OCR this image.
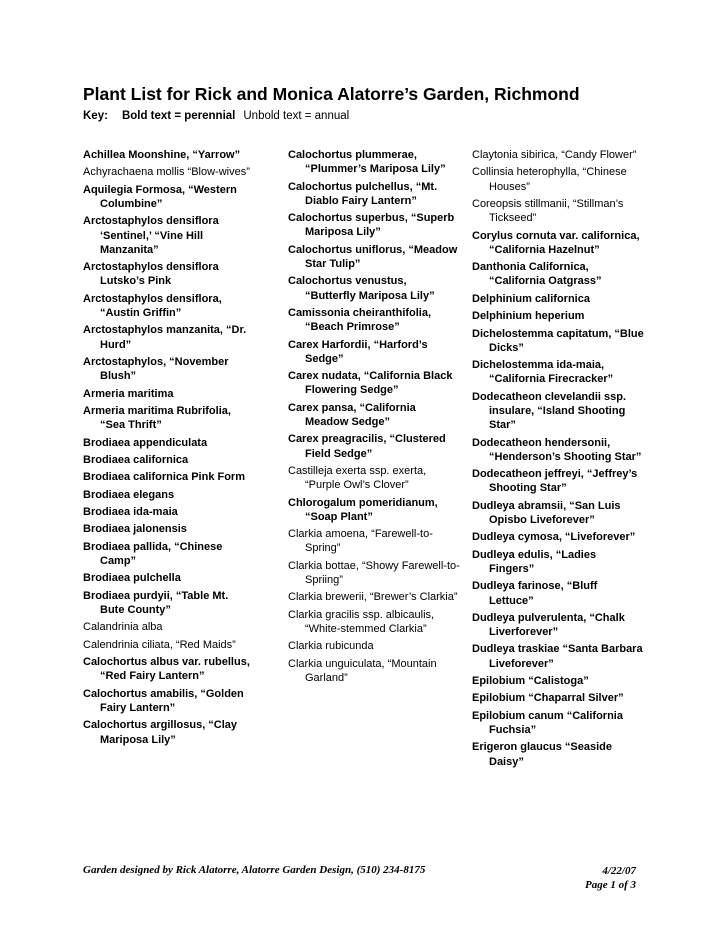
Plant List for Rick and Monica Alatorre’s Garden, Richmond
Key: Bold text = perennial Unbold text = annual
Achillea Moonshine, “Yarrow”
Achyrachaena mollis “Blow-wives”
Aquilegia Formosa, “Western Columbine”
Arctostaphylos densiflora ‘Sentinel,’ “Vine Hill Manzanita”
Arctostaphylos densiflora Lutsko’s Pink
Arctostaphylos densiflora, “Austin Griffin”
Arctostaphylos manzanita, “Dr. Hurd”
Arctostaphylos, “November Blush”
Armeria maritima
Armeria maritima Rubrifolia, “Sea Thrift”
Brodiaea appendiculata
Brodiaea californica
Brodiaea californica Pink Form
Brodiaea elegans
Brodiaea ida-maia
Brodiaea jalonensis
Brodiaea pallida, “Chinese Camp”
Brodiaea pulchella
Brodiaea purdyii, “Table Mt. Bute County”
Calandrinia alba
Calendrinia ciliata, “Red Maids”
Calochortus albus var. rubellus, “Red Fairy Lantern”
Calochortus amabilis, “Golden Fairy Lantern”
Calochortus argillosus, “Clay Mariposa Lily”
Calochortus plummerae, “Plummer’s Mariposa Lily”
Calochortus pulchellus, “Mt. Diablo Fairy Lantern”
Calochortus superbus, “Superb Mariposa Lily”
Calochortus uniflorus, “Meadow Star Tulip”
Calochortus venustus, “Butterfly Mariposa Lily”
Camissonia cheiranthifolia, “Beach Primrose”
Carex Harfordii, “Harford’s Sedge”
Carex nudata, “California Black Flowering Sedge”
Carex pansa, “California Meadow Sedge”
Carex preagracilis, “Clustered Field Sedge”
Castilleja exerta ssp. exerta, “Purple Owl’s Clover”
Chlorogalum pomeridianum, “Soap Plant”
Clarkia amoena, “Farewell-to-Spring”
Clarkia bottae, “Showy Farewell-to-Spriing”
Clarkia brewerii, “Brewer’s Clarkia”
Clarkia gracilis ssp. albicaulis, “White-stemmed Clarkia”
Clarkia rubicunda
Clarkia unguiculata, “Mountain Garland”
Claytonia sibirica, “Candy Flower”
Collinsia heterophylla, “Chinese Houses”
Coreopsis stillmanii, “Stillman’s Tickseed”
Corylus cornuta var. californica, “California Hazelnut”
Danthonia Californica, “California Oatgrass”
Delphinium californica
Delphinium heperium
Dichelostemma capitatum, “Blue Dicks”
Dichelostemma ida-maia, “California Firecracker”
Dodecatheon clevelandii ssp. insulare, “Island Shooting Star”
Dodecatheon hendersonii, “Henderson’s Shooting Star”
Dodecatheon jeffreyi, “Jeffrey’s Shooting Star”
Dudleya abramsii, “San Luis Opisbo Liveforever”
Dudleya cymosa, “Liveforever”
Dudleya edulis, “Ladies Fingers”
Dudleya farinose, “Bluff Lettuce”
Dudleya pulverulenta, “Chalk Liverforever”
Dudleya traskiae “Santa Barbara Liveforever”
Epilobium “Calistoga”
Epilobium “Chaparral Silver”
Epilobium canum “California Fuchsia”
Erigeron glaucus “Seaside Daisy”
Garden designed by Rick Alatorre, Alatorre Garden Design, (510) 234-8175	4/22/07
Page 1 of 3
